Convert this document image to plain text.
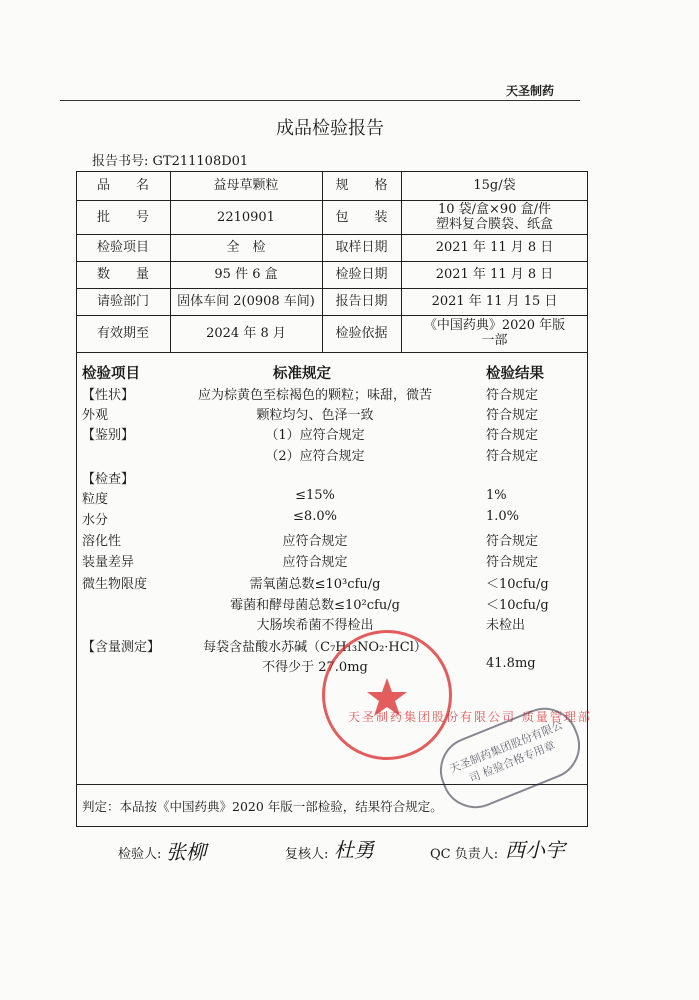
天圣制药
成品检验报告
报告书号: GT211108D01
品　　名	益母草颗粒	规　　格	15g/袋
批　　号	2210901	包　　装
10 袋/盒×90 盒/件
塑料复合膜袋、纸盒
检验项目	全　检	取样日期	2021 年 11 月 8 日
数　　量	95 件 6 盒	检验日期	2021 年 11 月 8 日
请验部门	固体车间 2(0908 车间)	报告日期	2021 年 11 月 15 日
有效期至	2024 年 8 月	检验依据
《中国药典》2020 年版
一部
检验项目	标准规定	检验结果
【性状】	应为棕黄色至棕褐色的颗粒；味甜，微苦	符合规定
外观	颗粒均匀、色泽一致	符合规定
【鉴别】	（1）应符合规定	符合规定
（2）应符合规定	符合规定
【检查】
粒度	≤15%	1%
水分	≤8.0%	1.0%
溶化性	应符合规定	符合规定
装量差异	应符合规定	符合规定
微生物限度	需氧菌总数≤10³cfu/g	＜10cfu/g
霉菌和酵母菌总数≤10²cfu/g	＜10cfu/g
大肠埃希菌不得检出	未检出
【含量测定】	每袋含盐酸水苏碱（C₇H₁₃NO₂·HCl）
不得少于 27.0mg	41.8mg
天圣制药集团股份有限公司 质量管理部
天圣制药集团股份有限公司 检验合格专用章
判定：本品按《中国药典》2020 年版一部检验，结果符合规定。
检验人: 张柳	复核人: 杜勇	QC 负责人: 西小宇
